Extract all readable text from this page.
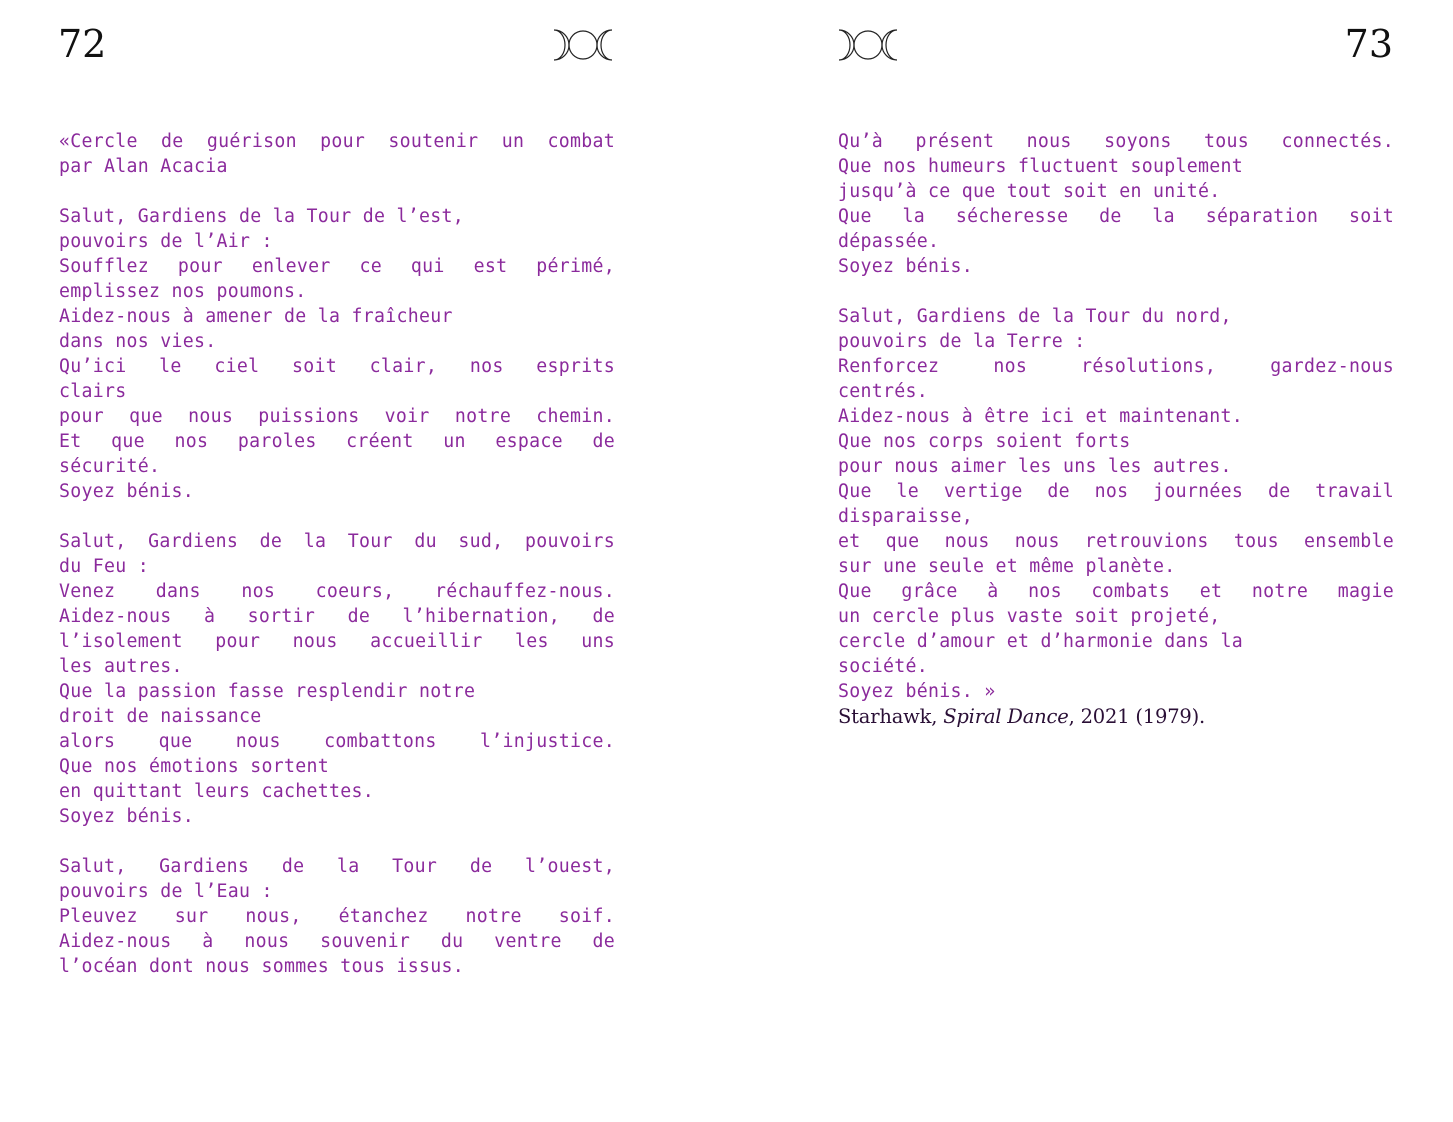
72
«Cercle de guérison pour soutenir un combat
par Alan Acacia
Salut, Gardiens de la Tour de l’est,
pouvoirs de l’Air :
Soufflez pour enlever ce qui est périmé,
emplissez nos poumons.
Aidez-nous à amener de la fraîcheur
dans nos vies.
Qu’ici le ciel soit clair, nos esprits
clairs
pour que nous puissions voir notre chemin.
Et que nos paroles créent un espace de
sécurité.
Soyez bénis.
Salut, Gardiens de la Tour du sud, pouvoirs
du Feu :
Venez dans nos coeurs, réchauffez-nous.
Aidez-nous à sortir de l’hibernation, de
l’isolement pour nous accueillir les uns
les autres.
Que la passion fasse resplendir notre
droit de naissance
alors que nous combattons l’injustice.
Que nos émotions sortent
en quittant leurs cachettes.
Soyez bénis.
Salut, Gardiens de la Tour de l’ouest,
pouvoirs de l’Eau :
Pleuvez sur nous, étanchez notre soif.
Aidez-nous à nous souvenir du ventre de
l’océan dont nous sommes tous issus.
73
Qu’à présent nous soyons tous connectés.
Que nos humeurs fluctuent souplement
jusqu’à ce que tout soit en unité.
Que la sécheresse de la séparation soit
dépassée.
Soyez bénis.
Salut, Gardiens de la Tour du nord,
pouvoirs de la Terre :
Renforcez nos résolutions, gardez-nous
centrés.
Aidez-nous à être ici et maintenant.
Que nos corps soient forts
pour nous aimer les uns les autres.
Que le vertige de nos journées de travail
disparaisse,
et que nous nous retrouvions tous ensemble
sur une seule et même planète.
Que grâce à nos combats et notre magie
un cercle plus vaste soit projeté,
cercle d’amour et d’harmonie dans la
société.
Soyez bénis. »
Starhawk, Spiral Dance, 2021 (1979).
